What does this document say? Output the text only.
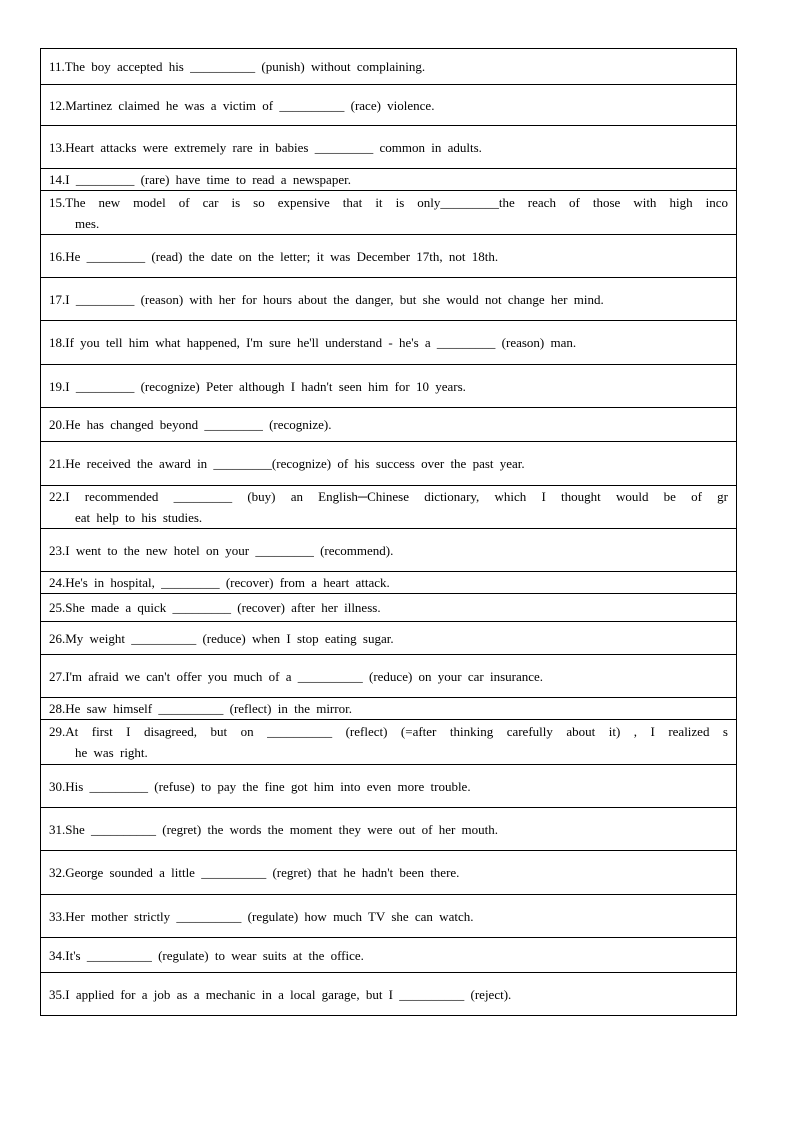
11.The boy accepted his __________ (punish) without complaining.
12.Martinez claimed he was a victim of __________ (race) violence.
13.Heart attacks were extremely rare in babies _________ common in adults.
14.I _________ (rare) have time to read a newspaper.
15.The new model of car is so expensive that it is only_________the reach of those with high inco
mes.
16.He _________ (read) the date on the letter; it was December 17th, not 18th.
17.I _________ (reason) with her for hours about the danger, but she would not change her mind.
18.If you tell him what happened, I'm sure he'll understand - he's a _________ (reason) man.
19.I _________ (recognize) Peter although I hadn't seen him for 10 years.
20.He has changed beyond _________ (recognize).
21.He received the award in _________(recognize) of his success over the past year.
22.I recommended _________ (buy) an English─Chinese dictionary, which I thought would be of gr
eat help to his studies.
23.I went to the new hotel on your _________ (recommend).
24.He's in hospital, _________ (recover) from a heart attack.
25.She made a quick _________ (recover) after her illness.
26.My weight __________ (reduce) when I stop eating sugar.
27.I'm afraid we can't offer you much of a __________ (reduce) on your car insurance.
28.He saw himself __________ (reflect) in the mirror.
29.At first I disagreed, but on __________ (reflect) (=after thinking carefully about it) , I realized s
he was right.
30.His _________ (refuse) to pay the fine got him into even more trouble.
31.She __________ (regret) the words the moment they were out of her mouth.
32.George sounded a little __________ (regret) that he hadn't been there.
33.Her mother strictly __________ (regulate) how much TV she can watch.
34.It's __________ (regulate) to wear suits at the office.
35.I applied for a job as a mechanic in a local garage, but I __________ (reject).
